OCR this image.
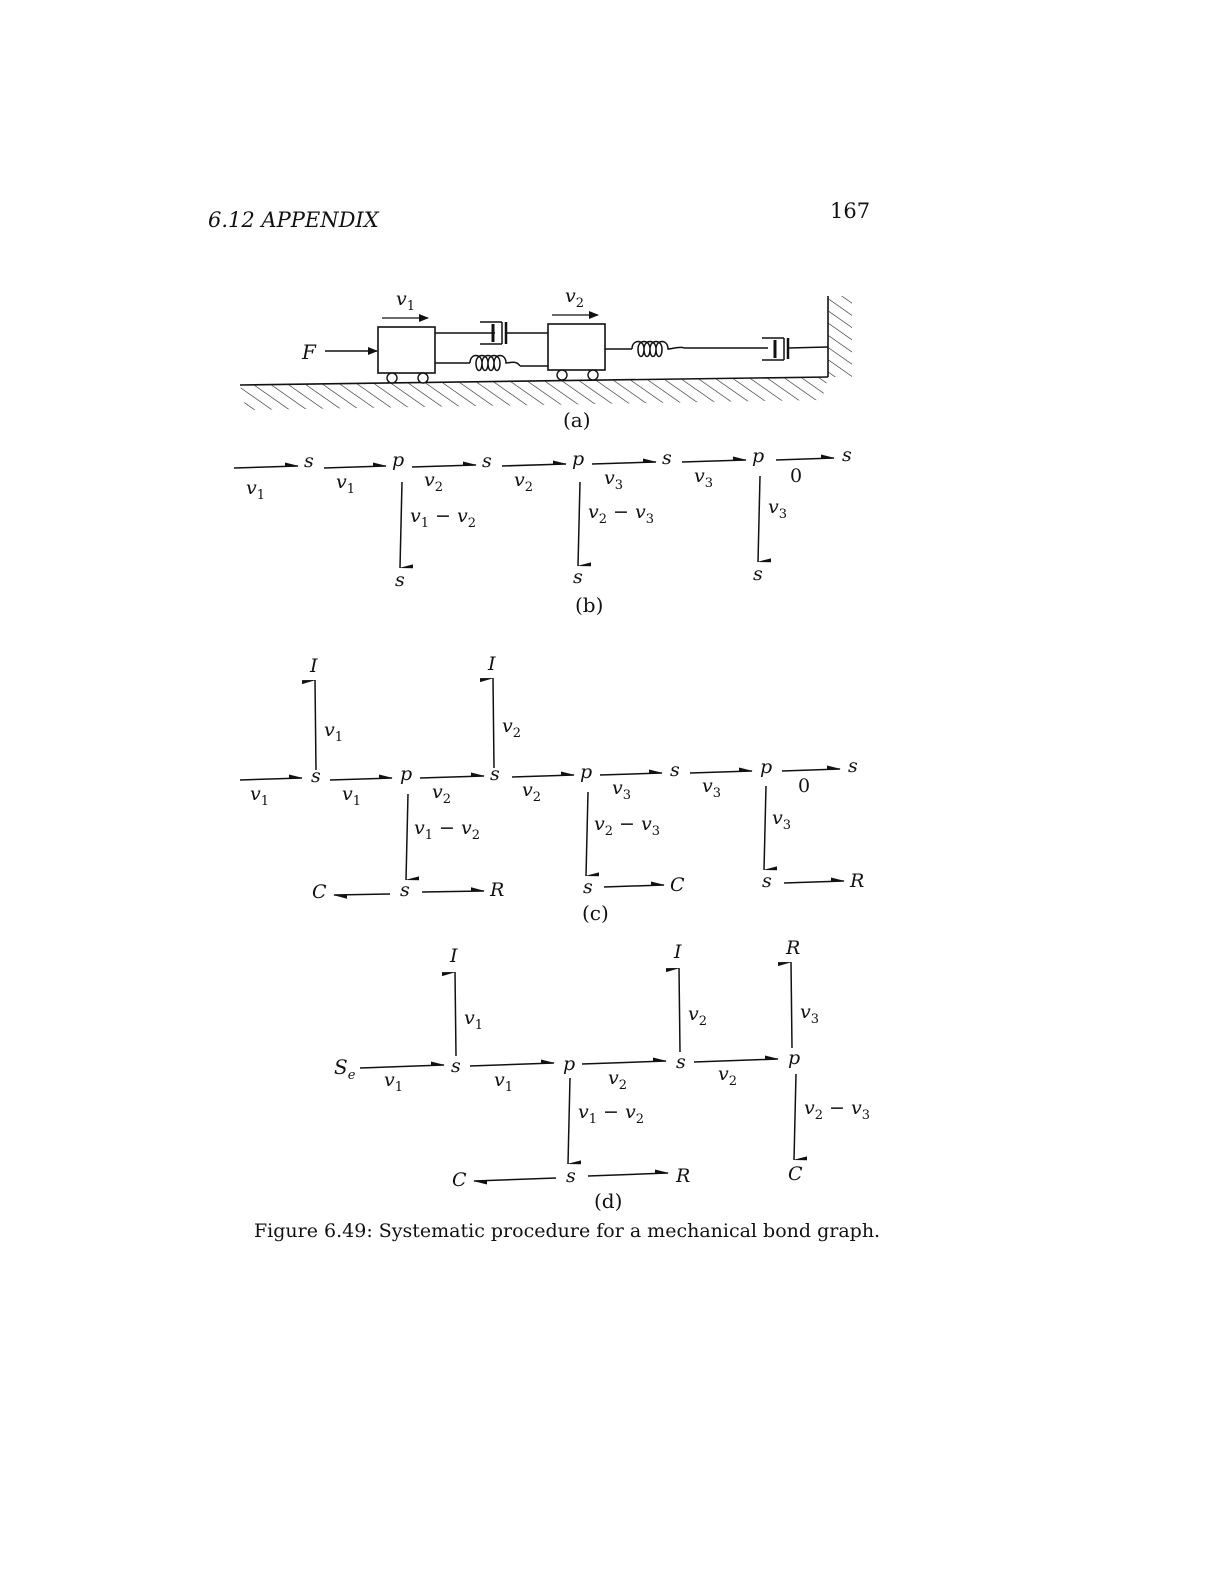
6.12 APPENDIX	167
F
$v_1$	$v_2$
(a)
$v_1$
$v_1$	$v_2$	$v_2$	$v_3$	$v_3$	0
s	p	s	p	s	p	s
$v_1 - v_2$
s
$v_2 - v_3$
s
$v_3$
s
(b)
I
$v_1$
I
$v_2$
$v_1$	$v_1$	$v_2$	$v_2$	$v_3$	$v_3$	0
s	p	s	p	s	p	s
$v_1 - v_2$
$v_2 - v_3$
$v_3$
C	s	R	s	C	s	R
(c)
$S_e$
I
$v_1$
I
$v_2$
R
$v_3$
$v_1$	$v_1$	$v_2$
$v_2$
s	p	s	p
$v_1 - v_2$
$v_2 - v_3$
C	s	R	C
(d)
Figure 6.49: Systematic procedure for a mechanical bond graph.
